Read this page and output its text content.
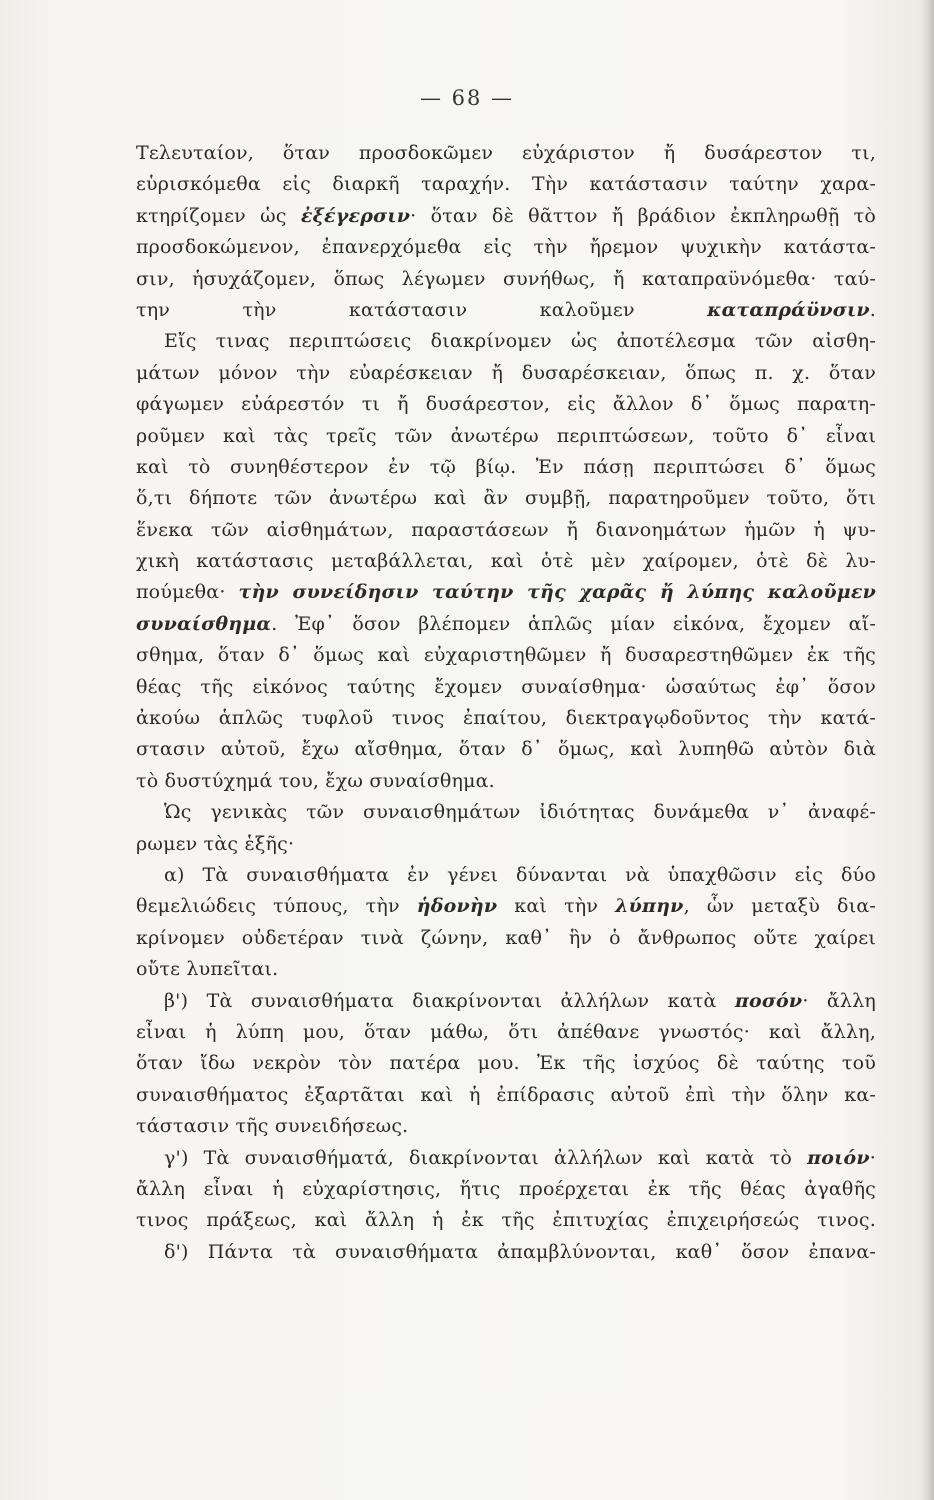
— 68 —
Τελευταίον, ὅταν προσδοκῶμεν εὐχάριστον ἤ δυσάρεστον τι,
εὑρισκόμεθα εἰς διαρκῆ ταραχήν. Τὴν κατάστασιν ταύτην χαρα-
κτηρίζομεν ὡς ἐξέγερσιν· ὅταν δὲ θᾶττον ἤ βράδιον ἐκπληρωθῇ τὸ
προσδοκώμενον, ἐπανερχόμεθα εἰς τὴν ἤρεμον ψυχικὴν κατάστα-
σιν, ἡσυχάζομεν, ὅπως λέγωμεν συνήθως, ἤ καταπραϋνόμεθα· ταύ-
την τὴν κατάστασιν καλοῦμεν καταπράϋνσιν.
Εἴς τινας περιπτώσεις διακρίνομεν ὡς ἀποτέλεσμα τῶν αἰσθη-
μάτων μόνον τὴν εὐαρέσκειαν ἤ δυσαρέσκειαν, ὅπως π. χ. ὅταν
φάγωμεν εὐάρεστόν τι ἤ δυσάρεστον, εἰς ἄλλον δ᾽ ὅμως παρατη-
ροῦμεν καὶ τὰς τρεῖς τῶν ἀνωτέρω περιπτώσεων, τοῦτο δ᾽ εἶναι
καὶ τὸ συνηθέστερον ἐν τῷ βίῳ. Ἐν πάσῃ περιπτώσει δ᾽ ὅμως
ὅ,τι δήποτε τῶν ἀνωτέρω καὶ ἂν συμβῇ, παρατηροῦμεν τοῦτο, ὅτι
ἕνεκα τῶν αἰσθημάτων, παραστάσεων ἤ διανοημάτων ἡμῶν ἡ ψυ-
χικὴ κατάστασις μεταβάλλεται, καὶ ὁτὲ μὲν χαίρομεν, ὁτὲ δὲ λυ-
πούμεθα· τὴν συνείδησιν ταύτην τῆς χαρᾶς ἤ λύπης καλοῦμεν
συναίσθημα. Ἐφ᾽ ὅσον βλέπομεν ἁπλῶς μίαν εἰκόνα, ἔχομεν αἴ-
σθημα, ὅταν δ᾽ ὅμως καὶ εὐχαριστηθῶμεν ἤ δυσαρεστηθῶμεν ἐκ τῆς
θέας τῆς εἰκόνος ταύτης ἔχομεν συναίσθημα· ὡσαύτως ἐφ᾽ ὅσον
ἀκούω ἁπλῶς τυφλοῦ τινος ἐπαίτου, διεκτραγῳδοῦντος τὴν κατά-
στασιν αὐτοῦ, ἔχω αἴσθημα, ὅταν δ᾽ ὅμως, καὶ λυπηθῶ αὐτὸν διὰ
τὸ δυστύχημά του, ἔχω συναίσθημα.
Ὡς γενικὰς τῶν συναισθημάτων ἰδιότητας δυνάμεθα ν᾽ ἀναφέ-
ρωμεν τὰς ἑξῆς·
α) Τὰ συναισθήματα ἐν γένει δύνανται νὰ ὑπαχθῶσιν εἰς δύο
θεμελιώδεις τύπους, τὴν ἡδονὴν καὶ τὴν λύπην, ὧν μεταξὺ δια-
κρίνομεν οὐδετέραν τινὰ ζώνην, καθ᾽ ἣν ὁ ἄνθρωπος οὔτε χαίρει
οὔτε λυπεῖται.
β') Τὰ συναισθήματα διακρίνονται ἀλλήλων κατὰ ποσόν· ἄλλη
εἶναι ἡ λύπη μου, ὅταν μάθω, ὅτι ἀπέθανε γνωστός· καὶ ἄλλη,
ὅταν ἴδω νεκρὸν τὸν πατέρα μου. Ἐκ τῆς ἰσχύος δὲ ταύτης τοῦ
συναισθήματος ἐξαρτᾶται καὶ ἡ ἐπίδρασις αὐτοῦ ἐπὶ τὴν ὅλην κα-
τάστασιν τῆς συνειδήσεως.
γ') Τὰ συναισθήματά, διακρίνονται ἀλλήλων καὶ κατὰ τὸ ποιόν·
ἄλλη εἶναι ἡ εὐχαρίστησις, ἥτις προέρχεται ἐκ τῆς θέας ἀγαθῆς
τινος πράξεως, καὶ ἄλλη ἡ ἐκ τῆς ἐπιτυχίας ἐπιχειρήσεώς τινος.
δ') Πάντα τὰ συναισθήματα ἀπαμβλύνονται, καθ᾽ ὅσον ἐπανα-
